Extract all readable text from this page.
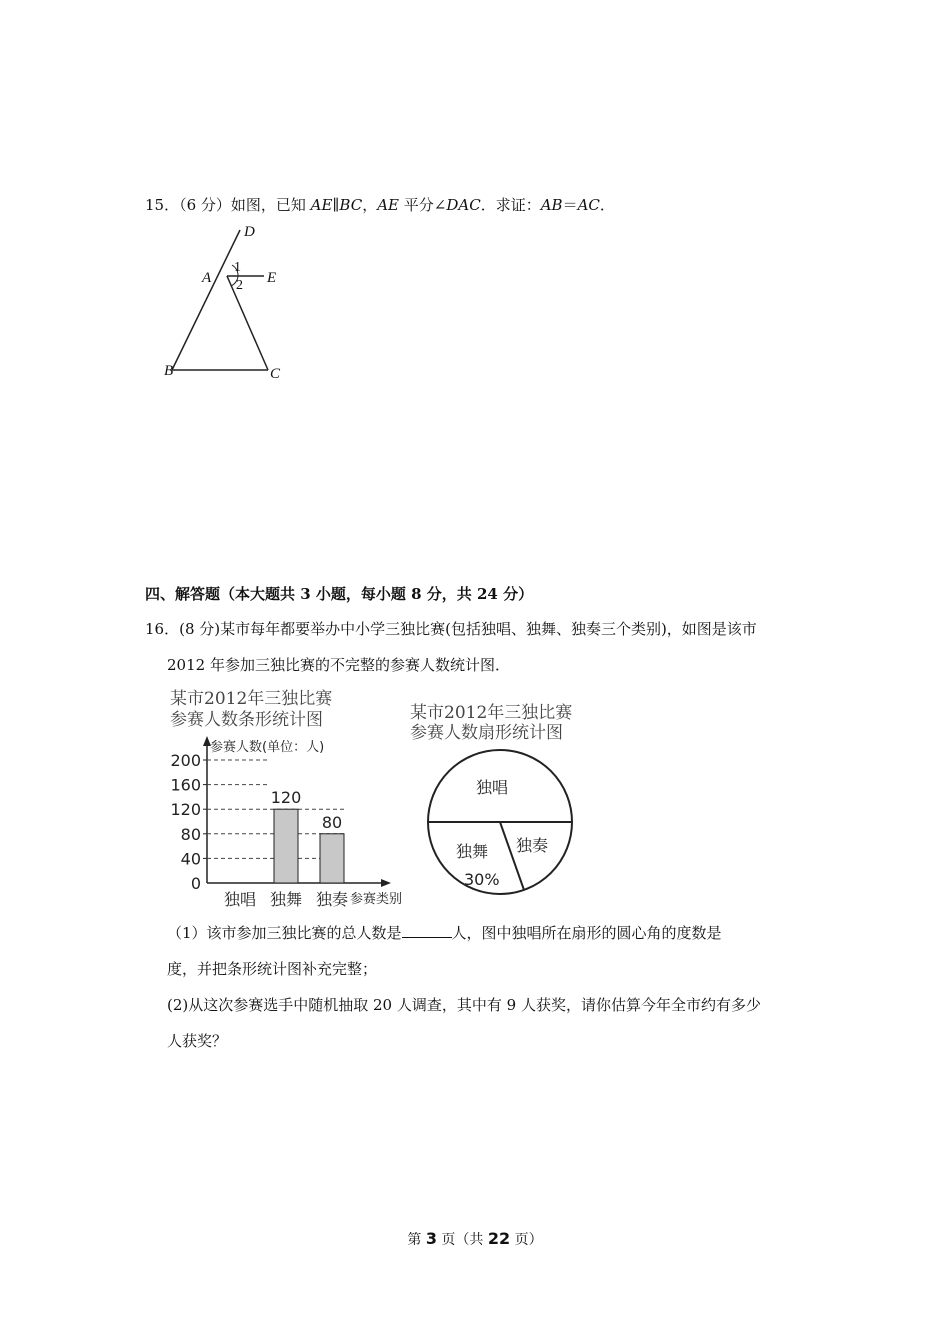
15．（6 分）如图，已知 AE∥BC，AE 平分∠DAC．求证：AB＝AC．
D
A	E
B	C
1
2
四、解答题（本大题共 3 小题，每小题 8 分，共 24 分）
16．(8 分)某市每年都要举办中小学三独比赛(包括独唱、独舞、独奏三个类别)，如图是该市
2012 年参加三独比赛的不完整的参赛人数统计图．
某市2012年三独比赛
参赛人数条形统计图
参赛人数(单位：人)
参赛类别
0
40
80
120
160
200
独唱 独舞
120
独奏
80
某市2012年三独比赛
参赛人数扇形统计图
独唱
独舞
30%
独奏
（1）该市参加三独比赛的总人数是	人，图中独唱所在扇形的圆心角的度数是
度，并把条形统计图补充完整；
(2)从这次参赛选手中随机抽取 20 人调查，其中有 9 人获奖，请你估算今年全市约有多少
人获奖？
第 3 页（共 22 页）
